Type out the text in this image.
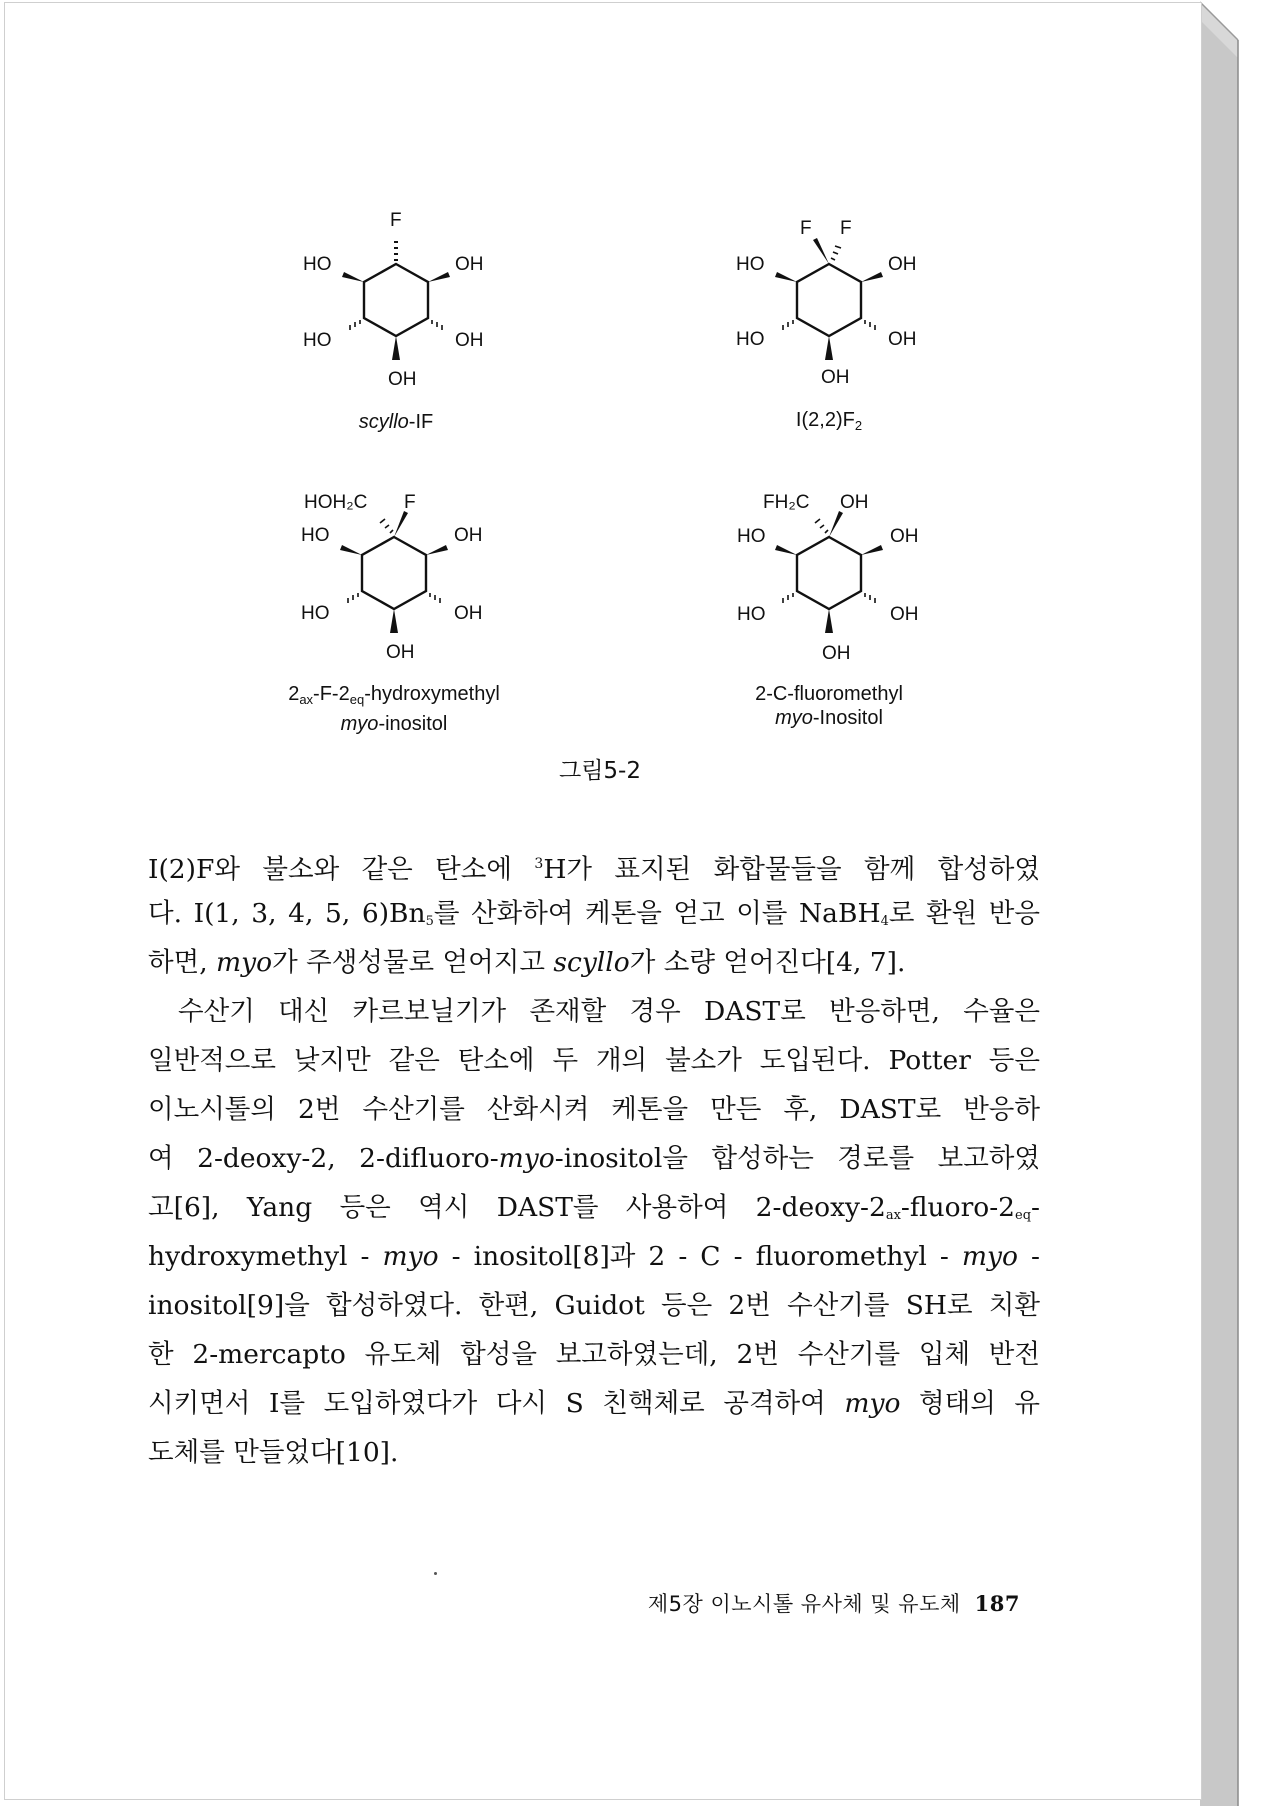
F
HO	OH
HO	OH
OH
F F
HO	OH
HO	OH
OH
HOH₂C F
HO	OH
HO	OH
OH
FH₂C OH
HO	OH
HO	OH
OH
scyllo-IF	$I(2,2)F_2$
$2_{ax}-F-2_{eq}$-hydroxymethyl
myo-inositol
2-C-fluoromethyl
myo-Inositol
그림5-2
I(2)F와 불소와 같은 탄소에 $^3$H가 표지된 화합물들을 함께 합성하였
다. I(1, 3, 4, 5, $6)Bn_5$를 산화하여 케톤을 얻고 이를 NaBH$_4$로 환원 반응
하면, myo가 주생성물로 얻어지고 scyllo가 소량 얻어진다[4, 7].
수산기 대신 카르보닐기가 존재할 경우 DAST로 반응하면, 수율은
일반적으로 낮지만 같은 탄소에 두 개의 불소가 도입된다. Potter 등은
이노시톨의 2번 수산기를 산화시켜 케톤을 만든 후, DAST로 반응하
여 2-deoxy-2, 2-difluoro-myo-inositol을 합성하는 경로를 보고하였
고[6], Yang 등은 역시 DAST를 사용하여 $2-deoxy-2_{ax}-fluoro-2_{eq}-$
hydroxymethyl - myo - inositol[8]과 2 - C - fluoromethyl - myo -
inositol[9]을 합성하였다. 한편, Guidot 등은 2번 수산기를 SH로 치환
한 2-mercapto 유도체 합성을 보고하였는데, 2번 수산기를 입체 반전
시키면서 I를 도입하였다가 다시 S 친핵체로 공격하여 myo 형태의 유
도체를 만들었다[10].
제5장 이노시톨 유사체 및 유도체 187
